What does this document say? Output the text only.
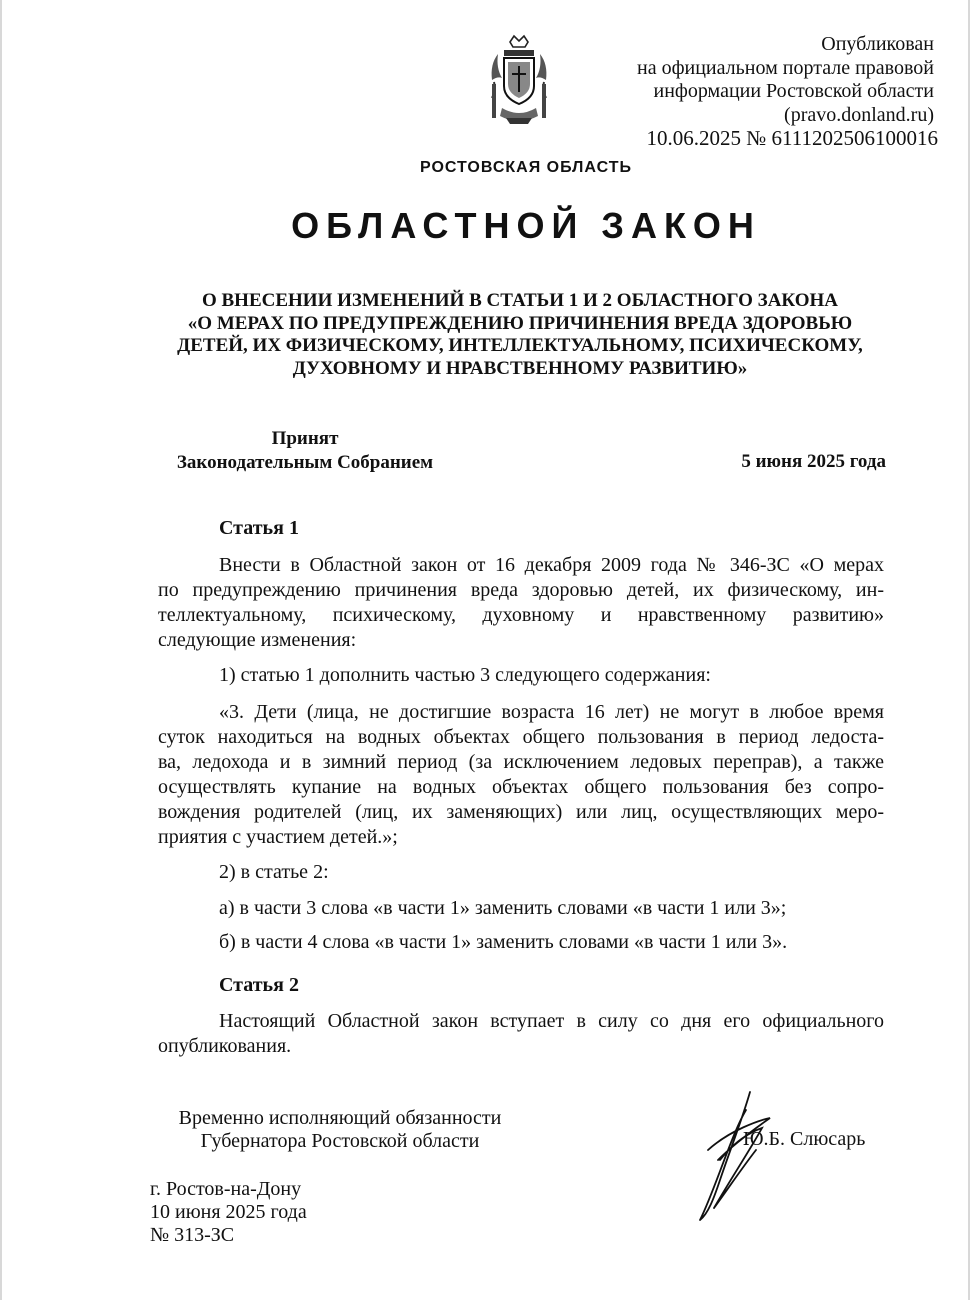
Опубликован
на официальном портале правовой
информации Ростовской области
(pravo.donland.ru)
10.06.2025 № 6111202506100016
РОСТОВСКАЯ ОБЛАСТЬ
ОБЛАСТНОЙ ЗАКОН
О ВНЕСЕНИИ ИЗМЕНЕНИЙ В СТАТЬИ 1 И 2 ОБЛАСТНОГО ЗАКОНА
«О МЕРАХ ПО ПРЕДУПРЕЖДЕНИЮ ПРИЧИНЕНИЯ ВРЕДА ЗДОРОВЬЮ
ДЕТЕЙ, ИХ ФИЗИЧЕСКОМУ, ИНТЕЛЛЕКТУАЛЬНОМУ, ПСИХИЧЕСКОМУ,
ДУХОВНОМУ И НРАВСТВЕННОМУ РАЗВИТИЮ»
Принят
Законодательным Собранием	5 июня 2025 года
Статья 1
Внести в Областной закон от 16 декабря 2009 года № 346-ЗС «О мерах
по предупреждению причинения вреда здоровью детей, их физическому, ин-
теллектуальному, психическому, духовному и нравственному развитию»
следующие изменения:
1) статью 1 дополнить частью 3 следующего содержания:
«3. Дети (лица, не достигшие возраста 16 лет) не могут в любое время
суток находиться на водных объектах общего пользования в период ледоста-
ва, ледохода и в зимний период (за исключением ледовых переправ), а также
осуществлять купание на водных объектах общего пользования без сопро-
вождения родителей (лиц, их заменяющих) или лиц, осуществляющих меро-
приятия с участием детей.»;
2) в статье 2:
а) в части 3 слова «в части 1» заменить словами «в части 1 или 3»;
б) в части 4 слова «в части 1» заменить словами «в части 1 или 3».
Статья 2
Настоящий Областной закон вступает в силу со дня его официального
опубликования.
Временно исполняющий обязанности
Губернатора Ростовской области	Ю.Б. Слюсарь
г. Ростов-на-Дону
10 июня 2025 года
№ 313-ЗС
